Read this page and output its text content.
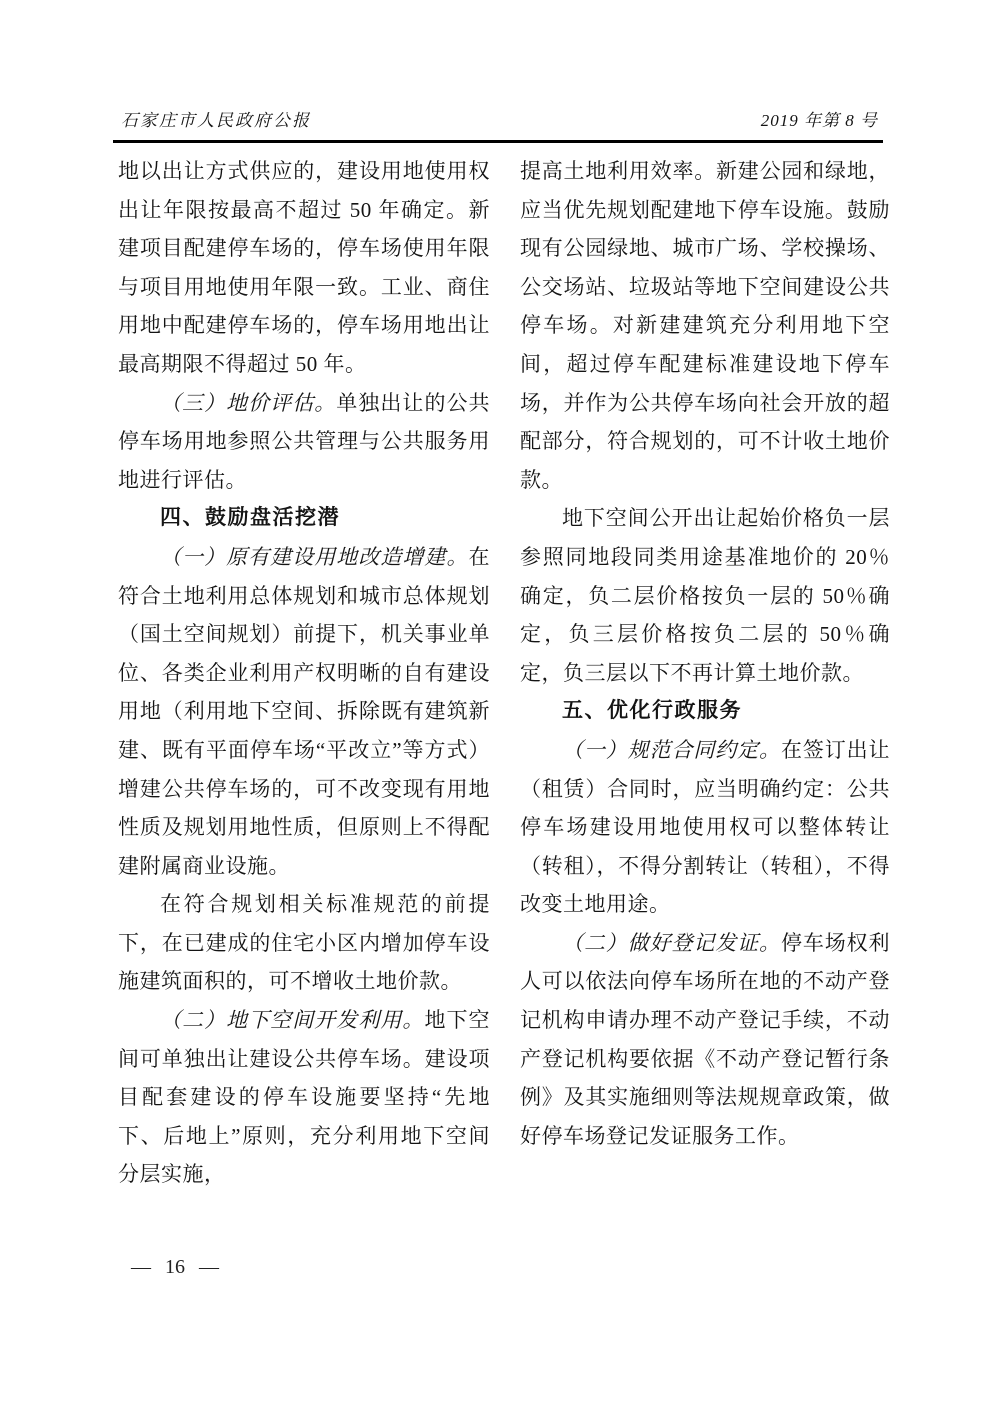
石家庄市人民政府公报	2019 年第 8 号

地以出让方式供应的，建设用地使用权出让年限按最高不超过 50 年确定。新建项目配建停车场的，停车场使用年限与项目用地使用年限一致。工业、商住用地中配建停车场的，停车场用地出让最高期限不得超过 50 年。

（三）地价评估。单独出让的公共停车场用地参照公共管理与公共服务用地进行评估。

四、鼓励盘活挖潜

（一）原有建设用地改造增建。在符合土地利用总体规划和城市总体规划（国土空间规划）前提下，机关事业单位、各类企业利用产权明晰的自有建设用地（利用地下空间、拆除既有建筑新建、既有平面停车场“平改立”等方式）增建公共停车场的，可不改变现有用地性质及规划用地性质，但原则上不得配建附属商业设施。

在符合规划相关标准规范的前提下，在已建成的住宅小区内增加停车设施建筑面积的，可不增收土地价款。

（二）地下空间开发利用。地下空间可单独出让建设公共停车场。建设项目配套建设的停车设施要坚持“先地下、后地上”原则，充分利用地下空间分层实施，

提高土地利用效率。新建公园和绿地，应当优先规划配建地下停车设施。鼓励现有公园绿地、城市广场、学校操场、公交场站、垃圾站等地下空间建设公共停车场。对新建建筑充分利用地下空间，超过停车配建标准建设地下停车场，并作为公共停车场向社会开放的超配部分，符合规划的，可不计收土地价款。

地下空间公开出让起始价格负一层参照同地段同类用途基准地价的 20％确定，负二层价格按负一层的 50％确定，负三层价格按负二层的 50％确定，负三层以下不再计算土地价款。

五、优化行政服务

（一）规范合同约定。在签订出让（租赁）合同时，应当明确约定：公共停车场建设用地使用权可以整体转让（转租），不得分割转让（转租），不得改变土地用途。

（二）做好登记发证。停车场权利人可以依法向停车场所在地的不动产登记机构申请办理不动产登记手续，不动产登记机构要依据《不动产登记暂行条例》及其实施细则等法规规章政策，做好停车场登记发证服务工作。

— 16 —
